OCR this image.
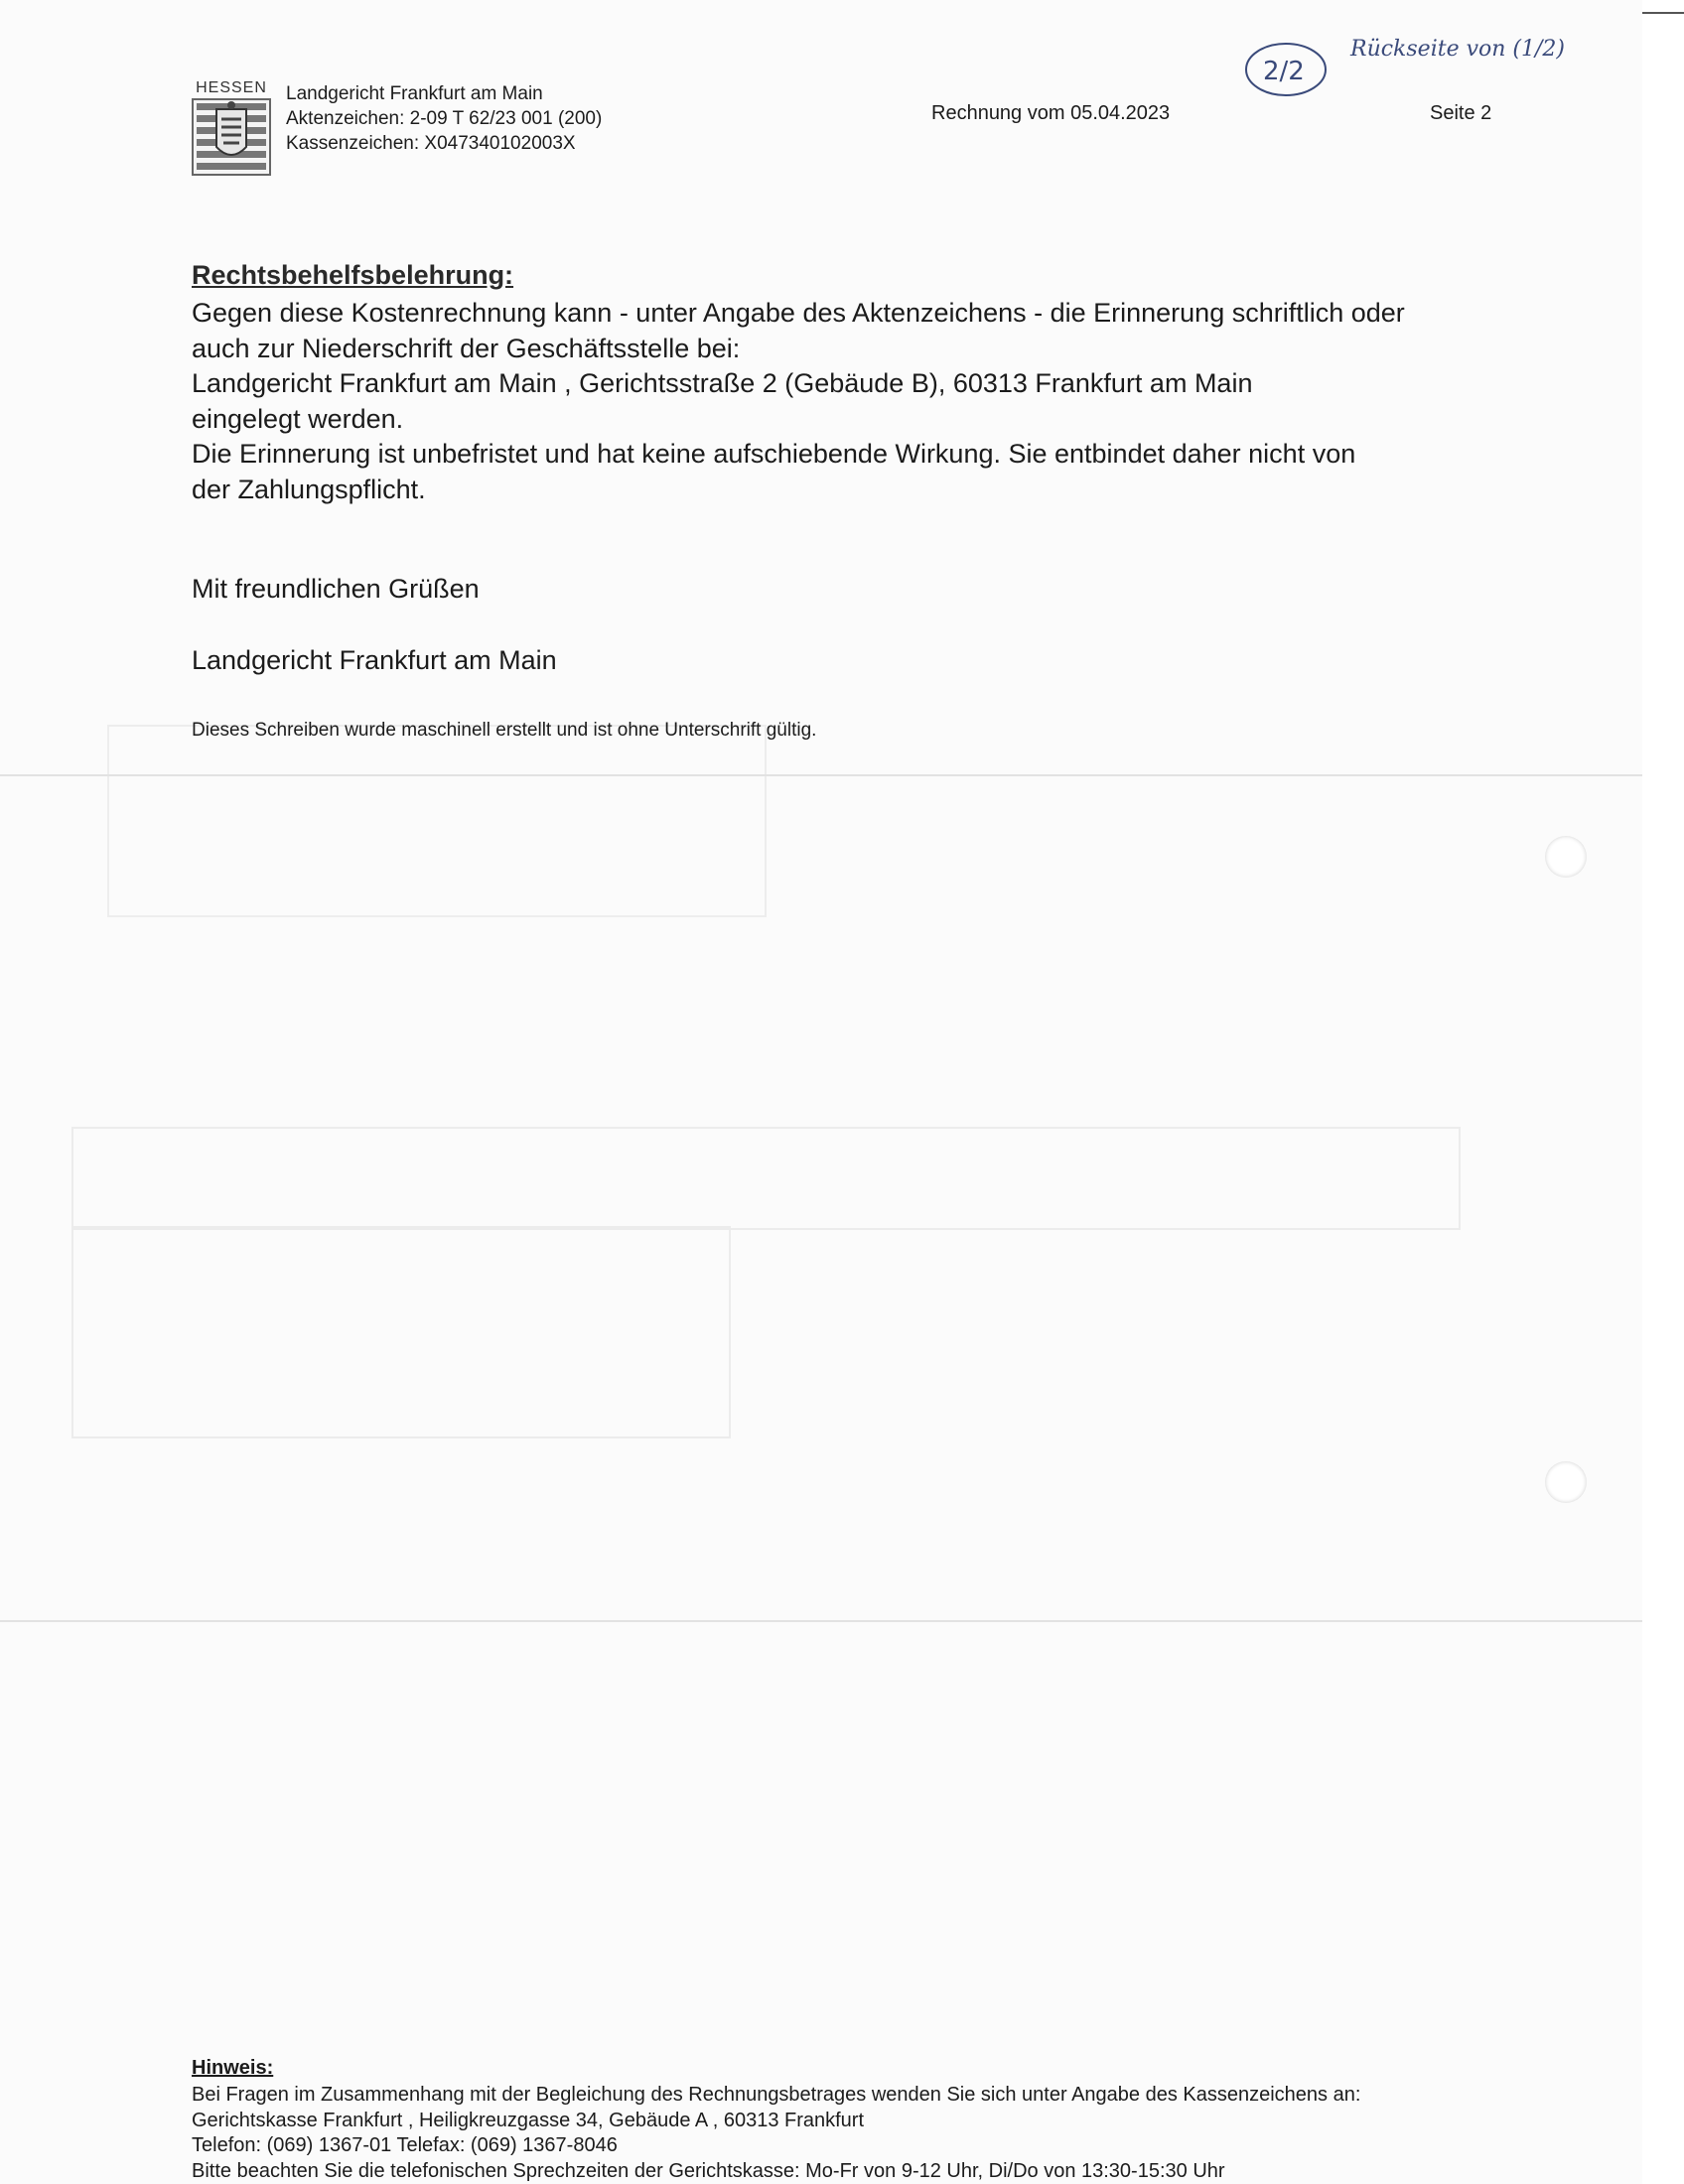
HESSEN Landgericht Frankfurt am Main
Aktenzeichen: 2-09 T 62/23 001 (200)
Kassenzeichen: X047340102003X
Rechnung vom 05.04.2023	Seite 2
2/2
Rückseite von (1/2)
Rechtsbehelfsbelehrung:
Gegen diese Kostenrechnung kann - unter Angabe des Aktenzeichens - die Erinnerung schriftlich oder
auch zur Niederschrift der Geschäftsstelle bei:
Landgericht Frankfurt am Main , Gerichtsstraße 2 (Gebäude B), 60313 Frankfurt am Main
eingelegt werden.
Die Erinnerung ist unbefristet und hat keine aufschiebende Wirkung. Sie entbindet daher nicht von
der Zahlungspflicht.
Mit freundlichen Grüßen
Landgericht Frankfurt am Main
Dieses Schreiben wurde maschinell erstellt und ist ohne Unterschrift gültig.
Hinweis:
Bei Fragen im Zusammenhang mit der Begleichung des Rechnungsbetrages wenden Sie sich unter Angabe des Kassenzeichens an:
Gerichtskasse Frankfurt , Heiligkreuzgasse 34, Gebäude A , 60313 Frankfurt
Telefon: (069) 1367-01 Telefax: (069) 1367-8046
Bitte beachten Sie die telefonischen Sprechzeiten der Gerichtskasse: Mo-Fr von 9-12 Uhr, Di/Do von 13:30-15:30 Uhr
